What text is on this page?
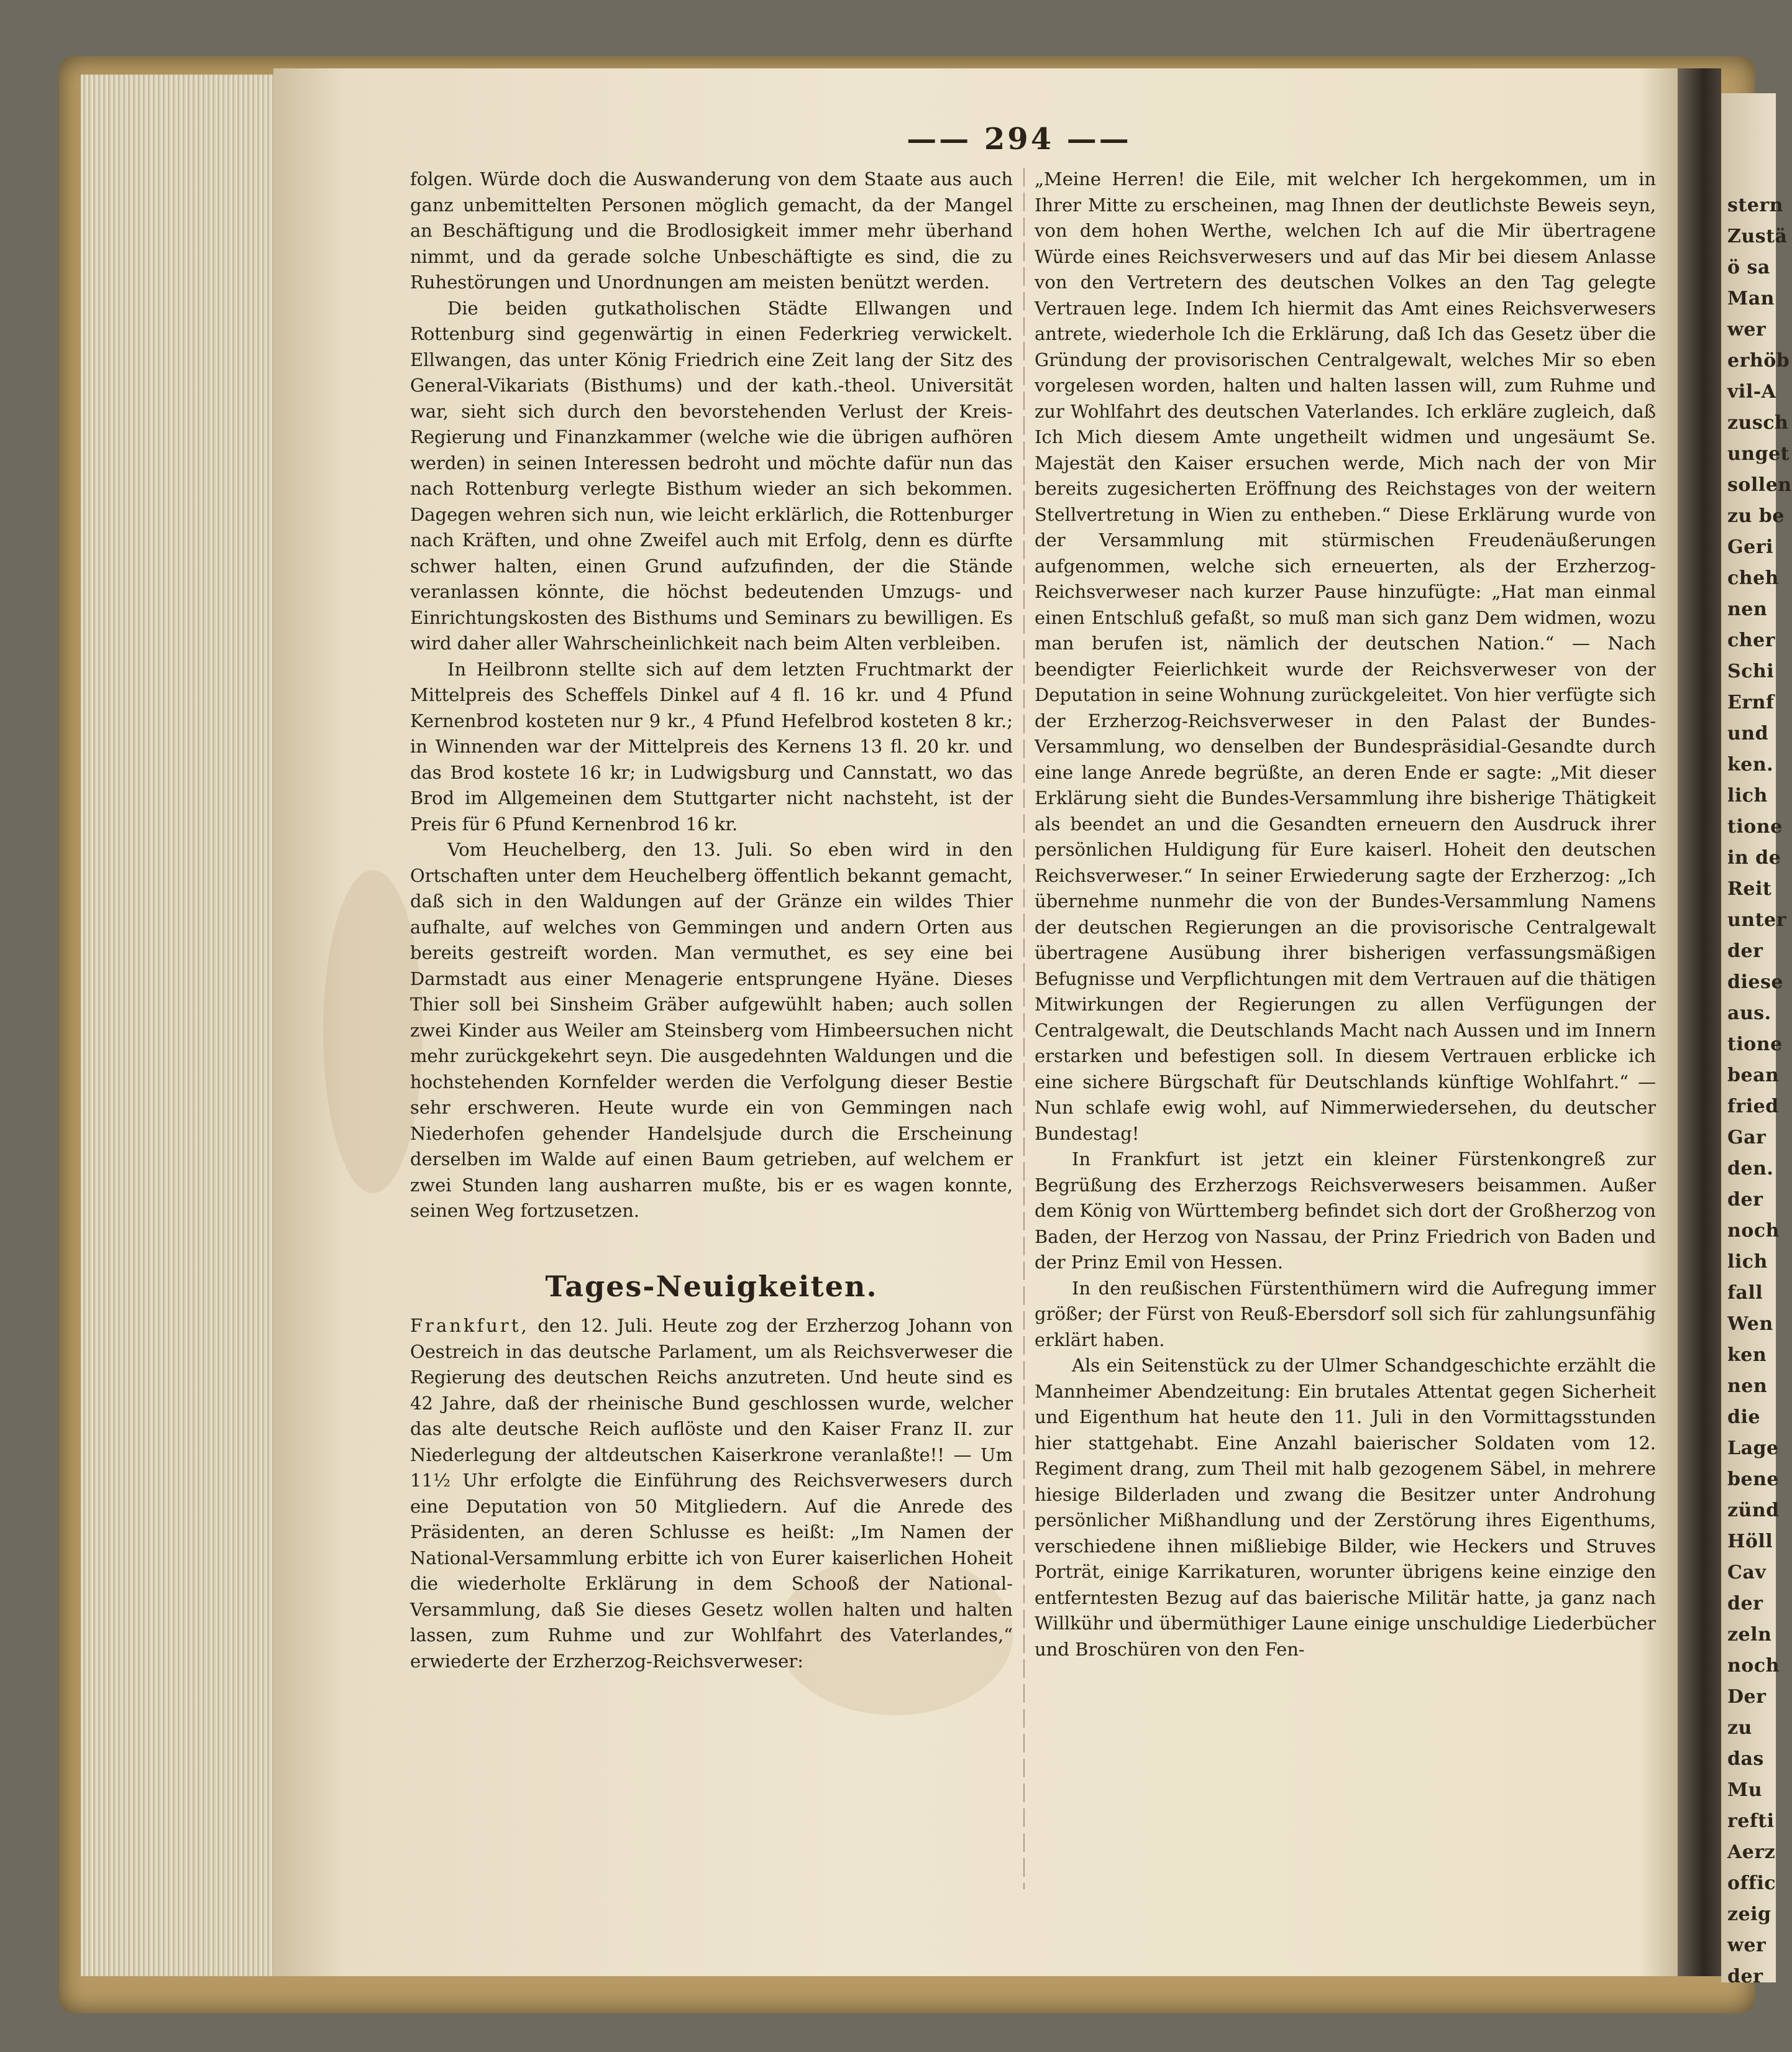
stern
Zustä
ö sa
Man
wer
erhöb
vil-A
zusch
unget
sollen
zu be
Geri
cheh
nen
cher
Schi
Ernf
und
ken.
lich
tione
in de
Reit
unter
der
diese
aus.
tione
bean
fried
Gar
den.
der
noch
lich
fall
Wen
ken
nen
die
Lage
bene
zünd
Höll
Cav
der
zeln
noch
Der
zu
das
Mu
refti
Aerz
offic
zeig
wer
der
—— 294 ——

folgen. Würde doch die Auswanderung von dem Staate aus auch ganz unbemittelten Personen möglich gemacht, da der Mangel an Beschäftigung und die Brodlosigkeit immer mehr überhand nimmt, und da gerade solche Unbeschäftigte es sind, die zu Ruhestörungen und Unordnungen am meisten benützt werden.

Die beiden gutkatholischen Städte Ellwangen und Rottenburg sind gegenwärtig in einen Federkrieg verwickelt. Ellwangen, das unter König Friedrich eine Zeit lang der Sitz des General-Vikariats (Bisthums) und der kath.-theol. Universität war, sieht sich durch den bevorstehenden Verlust der Kreis-Regierung und Finanzkammer (welche wie die übrigen aufhören werden) in seinen Interessen bedroht und möchte dafür nun das nach Rottenburg verlegte Bisthum wieder an sich bekommen. Dagegen wehren sich nun, wie leicht erklärlich, die Rottenburger nach Kräften, und ohne Zweifel auch mit Erfolg, denn es dürfte schwer halten, einen Grund aufzufinden, der die Stände veranlassen könnte, die höchst bedeutenden Umzugs- und Einrichtungskosten des Bisthums und Seminars zu bewilligen. Es wird daher aller Wahrscheinlichkeit nach beim Alten verbleiben.

In Heilbronn stellte sich auf dem letzten Fruchtmarkt der Mittelpreis des Scheffels Dinkel auf 4 fl. 16 kr. und 4 Pfund Kernenbrod kosteten nur 9 kr., 4 Pfund Hefelbrod kosteten 8 kr.; in Winnenden war der Mittelpreis des Kernens 13 fl. 20 kr. und das Brod kostete 16 kr; in Ludwigsburg und Cannstatt, wo das Brod im Allgemeinen dem Stuttgarter nicht nachsteht, ist der Preis für 6 Pfund Kernenbrod 16 kr.

Vom Heuchelberg, den 13. Juli. So eben wird in den Ortschaften unter dem Heuchelberg öffentlich bekannt gemacht, daß sich in den Waldungen auf der Gränze ein wildes Thier aufhalte, auf welches von Gemmingen und andern Orten aus bereits gestreift worden. Man vermuthet, es sey eine bei Darmstadt aus einer Menagerie entsprungene Hyäne. Dieses Thier soll bei Sinsheim Gräber aufgewühlt haben; auch sollen zwei Kinder aus Weiler am Steinsberg vom Himbeersuchen nicht mehr zurückgekehrt seyn. Die ausgedehnten Waldungen und die hochstehenden Kornfelder werden die Verfolgung dieser Bestie sehr erschweren. Heute wurde ein von Gemmingen nach Niederhofen gehender Handelsjude durch die Erscheinung derselben im Walde auf einen Baum getrieben, auf welchem er zwei Stunden lang ausharren mußte, bis er es wagen konnte, seinen Weg fortzusetzen.

Tages-Neuigkeiten.

Frankfurt, den 12. Juli. Heute zog der Erzherzog Johann von Oestreich in das deutsche Parlament, um als Reichsverweser die Regierung des deutschen Reichs anzutreten. Und heute sind es 42 Jahre, daß der rheinische Bund geschlossen wurde, welcher das alte deutsche Reich auflöste und den Kaiser Franz II. zur Niederlegung der altdeutschen Kaiserkrone veranlaßte!! — Um 11½ Uhr erfolgte die Einführung des Reichsverwesers durch eine Deputation von 50 Mitgliedern. Auf die Anrede des Präsidenten, an deren Schlusse es heißt: „Im Namen der National-Versammlung erbitte ich von Eurer kaiserlichen Hoheit die wiederholte Erklärung in dem Schooß der National-Versammlung, daß Sie dieses Gesetz wollen halten und halten lassen, zum Ruhme und zur Wohlfahrt des Vaterlandes,“ erwiederte der Erzherzog-Reichsverweser:

„Meine Herren! die Eile, mit welcher Ich hergekommen, um in Ihrer Mitte zu erscheinen, mag Ihnen der deutlichste Beweis seyn, von dem hohen Werthe, welchen Ich auf die Mir übertragene Würde eines Reichsverwesers und auf das Mir bei diesem Anlasse von den Vertretern des deutschen Volkes an den Tag gelegte Vertrauen lege. Indem Ich hiermit das Amt eines Reichsverwesers antrete, wiederhole Ich die Erklärung, daß Ich das Gesetz über die Gründung der provisorischen Centralgewalt, welches Mir so eben vorgelesen worden, halten und halten lassen will, zum Ruhme und zur Wohlfahrt des deutschen Vaterlandes. Ich erkläre zugleich, daß Ich Mich diesem Amte ungetheilt widmen und ungesäumt Se. Majestät den Kaiser ersuchen werde, Mich nach der von Mir bereits zugesicherten Eröffnung des Reichstages von der weitern Stellvertretung in Wien zu entheben.“ Diese Erklärung wurde von der Versammlung mit stürmischen Freudenäußerungen aufgenommen, welche sich erneuerten, als der Erzherzog-Reichsverweser nach kurzer Pause hinzufügte: „Hat man einmal einen Entschluß gefaßt, so muß man sich ganz Dem widmen, wozu man berufen ist, nämlich der deutschen Nation.“ — Nach beendigter Feierlichkeit wurde der Reichsverweser von der Deputation in seine Wohnung zurückgeleitet. Von hier verfügte sich der Erzherzog-Reichsverweser in den Palast der Bundes-Versammlung, wo denselben der Bundespräsidial-Gesandte durch eine lange Anrede begrüßte, an deren Ende er sagte: „Mit dieser Erklärung sieht die Bundes-Versammlung ihre bisherige Thätigkeit als beendet an und die Gesandten erneuern den Ausdruck ihrer persönlichen Huldigung für Eure kaiserl. Hoheit den deutschen Reichsverweser.“ In seiner Erwiederung sagte der Erzherzog: „Ich übernehme nunmehr die von der Bundes-Versammlung Namens der deutschen Regierungen an die provisorische Centralgewalt übertragene Ausübung ihrer bisherigen verfassungsmäßigen Befugnisse und Verpflichtungen mit dem Vertrauen auf die thätigen Mitwirkungen der Regierungen zu allen Verfügungen der Centralgewalt, die Deutschlands Macht nach Aussen und im Innern erstarken und befestigen soll. In diesem Vertrauen erblicke ich eine sichere Bürgschaft für Deutschlands künftige Wohlfahrt.“ — Nun schlafe ewig wohl, auf Nimmerwiedersehen, du deutscher Bundestag!

In Frankfurt ist jetzt ein kleiner Fürstenkongreß zur Begrüßung des Erzherzogs Reichsverwesers beisammen. Außer dem König von Württemberg befindet sich dort der Großherzog von Baden, der Herzog von Nassau, der Prinz Friedrich von Baden und der Prinz Emil von Hessen.

In den reußischen Fürstenthümern wird die Aufregung immer größer; der Fürst von Reuß-Ebersdorf soll sich für zahlungsunfähig erklärt haben.

Als ein Seitenstück zu der Ulmer Schandgeschichte erzählt die Mannheimer Abendzeitung: Ein brutales Attentat gegen Sicherheit und Eigenthum hat heute den 11. Juli in den Vormittagsstunden hier stattgehabt. Eine Anzahl baierischer Soldaten vom 12. Regiment drang, zum Theil mit halb gezogenem Säbel, in mehrere hiesige Bilderladen und zwang die Besitzer unter Androhung persönlicher Mißhandlung und der Zerstörung ihres Eigenthums, verschiedene ihnen mißliebige Bilder, wie Heckers und Struves Porträt, einige Karrikaturen, worunter übrigens keine einzige den entferntesten Bezug auf das baierische Militär hatte, ja ganz nach Willkühr und übermüthiger Laune einige unschuldige Liederbücher und Broschüren von den Fen-
